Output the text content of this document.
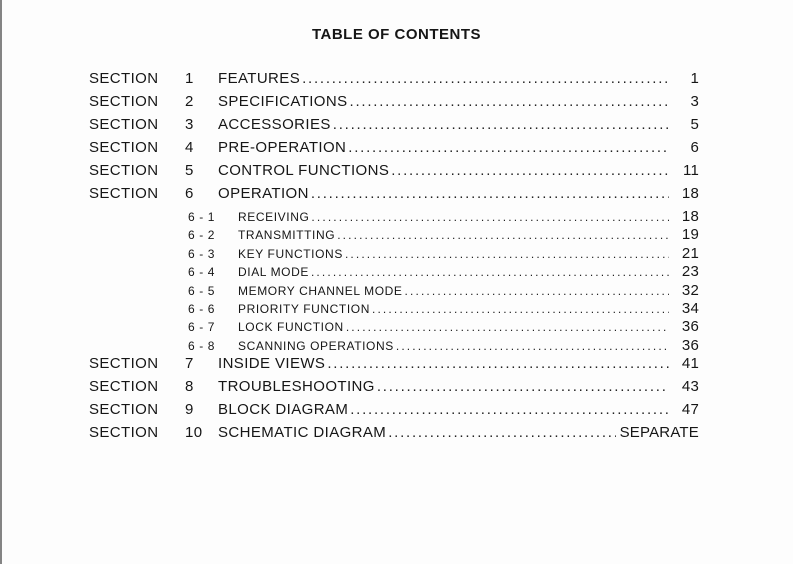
TABLE OF CONTENTS
SECTION	1	FEATURES . . .	1
SECTION	2	SPECIFICATIONS . . .	3
SECTION	3	ACCESSORIES . . .	5
SECTION	4	PRE-OPERATION . . .	6
SECTION	5	CONTROL FUNCTIONS . . .	11
SECTION	6	OPERATION . . .	18
6 - 1	RECEIVING . . .	18
6 - 2	TRANSMITTING . . .	19
6 - 3	KEY FUNCTIONS . . .	21
6 - 4	DIAL MODE . . .	23
6 - 5	MEMORY CHANNEL MODE . . .	32
6 - 6	PRIORITY FUNCTION . . .	34
6 - 7	LOCK FUNCTION . . .	36
6 - 8	SCANNING OPERATIONS . . .	36
SECTION	7	INSIDE VIEWS . . .	41
SECTION	8	TROUBLESHOOTING . . .	43
SECTION	9	BLOCK DIAGRAM . . .	47
SECTION	10	SCHEMATIC DIAGRAM . . .	SEPARATE
